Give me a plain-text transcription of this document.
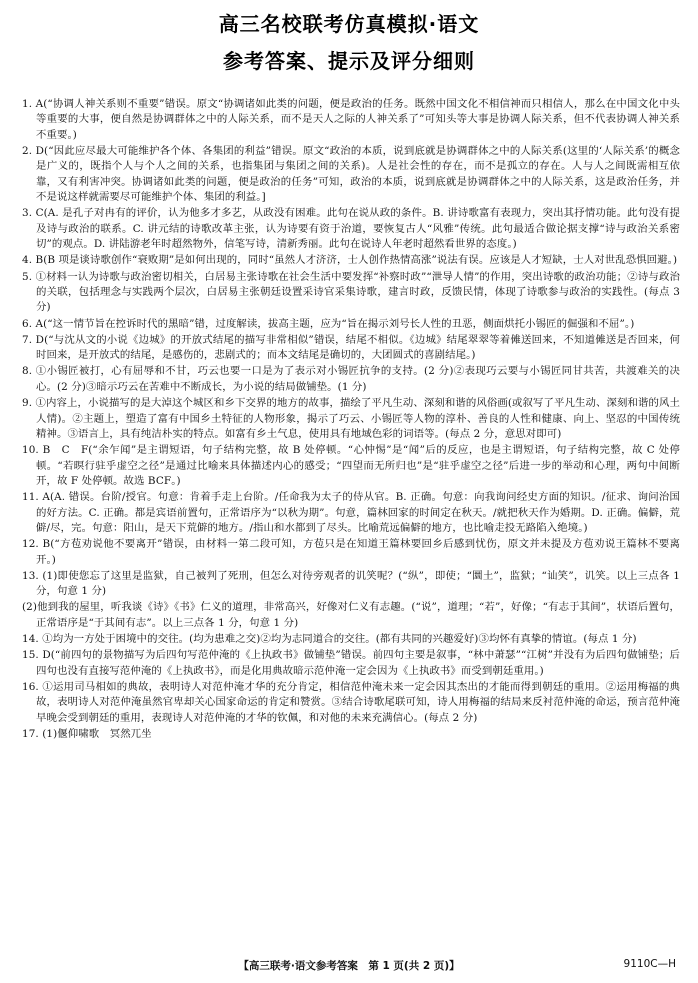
高三名校联考仿真模拟·语文
参考答案、提示及评分细则

1. A(“协调人神关系则不重要”错误。原文“协调诸如此类的问题，便是政治的任务。既然中国文化不相信神而只相信人，那么在中国文化中头等重要的大事，便自然是协调群体之中的人际关系，而不是天人之际的人神关系了”可知头等大事是协调人际关系，但不代表协调人神关系不重要。)

2. D(“因此应尽最大可能维护各个体、各集团的利益”错误。原文“政治的本质，说到底就是协调群体之中的人际关系(这里的‘人际关系’的概念是广义的，既指个人与个人之间的关系，也指集团与集团之间的关系)。人是社会性的存在，而不是孤立的存在。人与人之间既需相互依靠，又有利害冲突。协调诸如此类的问题，便是政治的任务”可知，政治的本质，说到底就是协调群体之中的人际关系，这是政治任务，并不是说这样就需要尽可能维护个体、集团的利益。]

3. C(A. 是孔子对冉有的评价，认为他多才多艺，从政没有困难。此句在说从政的条件。B. 讲诗歌富有表现力，突出其抒情功能。此句没有提及诗与政治的联系。C. 讲元结的诗歌改革主张，认为诗要有资于治道，要恢复古人“风雅”传统。此句最适合做论据支撑“诗与政治关系密切”的观点。D. 讲陆游老年时超然物外，信笔写诗，清新秀丽。此句在说诗人年老时超然看世界的态度。)

4. B(B 项是谈诗歌创作“衰败期”是如何出现的，同时“虽然人才济济，士人创作热情高涨”说法有误。应该是人才短缺，士人对世乱恐惧回避。)

5. ①材料一认为诗歌与政治密切相关，白居易主张诗歌在社会生活中要发挥“补察时政”“泄导人情”的作用，突出诗歌的政治功能；②诗与政治的关联，包括理念与实践两个层次，白居易主张朝廷设置采诗官采集诗歌，建言时政，反馈民情，体现了诗歌参与政治的实践性。(每点 3 分)

6. A(“这一情节旨在控诉时代的黑暗”错，过度解读，拔高主题，应为“旨在揭示刘号长人性的丑恶，侧面烘托小锡匠的倔强和不屈”。)

7. D(“与沈从文的小说《边城》的开放式结尾的描写非常相似”错误，结尾不相似。《边城》结尾翠翠等着傩送回来，不知道傩送是否回来，何时回来，是开放式的结尾，是感伤的，悲剧式的；而本文结尾是确切的，大团圆式的喜剧结尾。)

8. ①小锡匠被打，心有屈辱和不甘，巧云也要一口是为了表示对小锡匠抗争的支持。(2 分)②表现巧云要与小锡匠同甘共苦，共渡难关的决心。(2 分)③暗示巧云在苦难中不断成长，为小说的结局做铺垫。(1 分)

9. ①内容上，小说描写的是大淖这个城区和乡下交界的地方的故事，描绘了平凡生动、深刻和谐的风俗画(或叙写了平凡生动、深刻和谐的风土人情)。②主题上，塑造了富有中国乡土特征的人物形象，揭示了巧云、小锡匠等人物的淳朴、善良的人性和健康、向上、坚忍的中国传统精神。③语言上，具有纯洁朴实的特点。如富有乡土气息，使用具有地域色彩的词语等。(每点 2 分，意思对即可)

10. B　C　F(“余乍闻”是主谓短语，句子结构完整，故 B 处停顿。“心忡惕”是“闻”后的反应，也是主谓短语，句子结构完整，故 C 处停顿。“若暝行驻乎虚空之径”是通过比喻来具体描述内心的感受；“四望而无所归也”是“驻乎虚空之径”后进一步的举动和心理，两句中间断开，故 F 处停顿。故选 BCF。)

11. A(A. 错误。台阶/授官。句意：肯着手走上台阶。/任命我为太子的侍从官。B. 正确。句意：向我询问经史方面的知识。/征求、询问治国的好方法。C. 正确。都是宾语前置句，正常语序为“以秋为期”。句意，篇林回家的时间定在秋天。/就把秋天作为婚期。D. 正确。偏僻，荒僻/尽，完。句意：阳山，是天下荒僻的地方。/指山和水都到了尽头。比喻荒远偏僻的地方，也比喻走投无路陷入绝境。)

12. B(“方苞劝说他不要离开”错误，由材料一第二段可知，方苞只是在知道王篇林要回乡后感到忧伤，原文并未提及方苞劝说王篇林不要离开。)

13. (1)即使您忘了这里是监狱，自己被判了死刑，但怎么对待旁观者的讥笑呢？(“纵”，即使；“圜土”，监狱；“讪笑”，讥笑。以上三点各 1 分，句意 1 分)

(2)他到我的屋里，听我谈《诗》《书》仁义的道理，非常高兴，好像对仁义有志趣。(“说”，道理；“若”，好像；“有志于其间”，状语后置句，正常语序是“于其间有志”。以上三点各 1 分，句意 1 分)

14. ①均为一方处于困境中的交往。(均为患难之交)②均为志同道合的交往。(都有共同的兴趣爱好)③均怀有真挚的情谊。(每点 1 分)

15. D(“前四句的景物描写为后四句写范仲淹的《上执政书》做铺垫”错误。前四句主要是叙事，“林中萧瑟”“江树”并没有为后四句做铺垫；后四句也没有直接写范仲淹的《上执政书》，而是化用典故暗示范仲淹一定会因为《上执政书》而受到朝廷重用。)

16. ①运用司马相如的典故，表明诗人对范仲淹才华的充分肯定，相信范仲淹未来一定会因其杰出的才能而得到朝廷的重用。②运用梅福的典故，表明诗人对范仲淹虽然官卑却关心国家命运的肯定和赞赏。③结合诗歌尾联可知，诗人用梅福的结局来反衬范仲淹的命运，预言范仲淹早晚会受到朝廷的重用，表现诗人对范仲淹的才华的钦佩，和对他的未来充满信心。(每点 2 分)

17. (1)偃仰啸歌　冥然兀坐

【高三联考·语文参考答案　第 1 页(共 2 页)】	9110C—H
